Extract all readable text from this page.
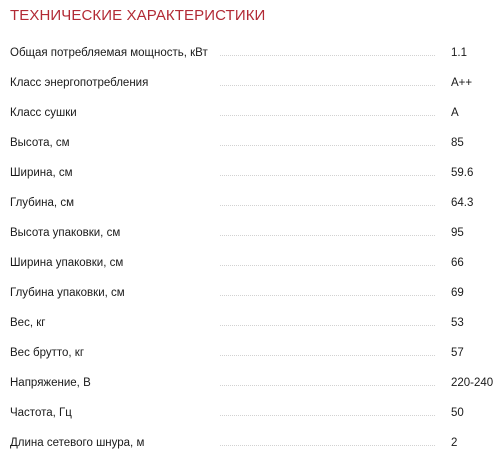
ТЕХНИЧЕСКИЕ ХАРАКТЕРИСТИКИ
Общая потребляемая мощность, кВт	1.1
Класс энергопотребления	A++
Класс сушки	A
Высота, см	85
Ширина, см	59.6
Глубина, см	64.3
Высота упаковки, см	95
Ширина упаковки, см	66
Глубина упаковки, см	69
Вес, кг	53
Вес брутто, кг	57
Напряжение, В	220-240
Частота, Гц	50
Длина сетевого шнура, м	2
